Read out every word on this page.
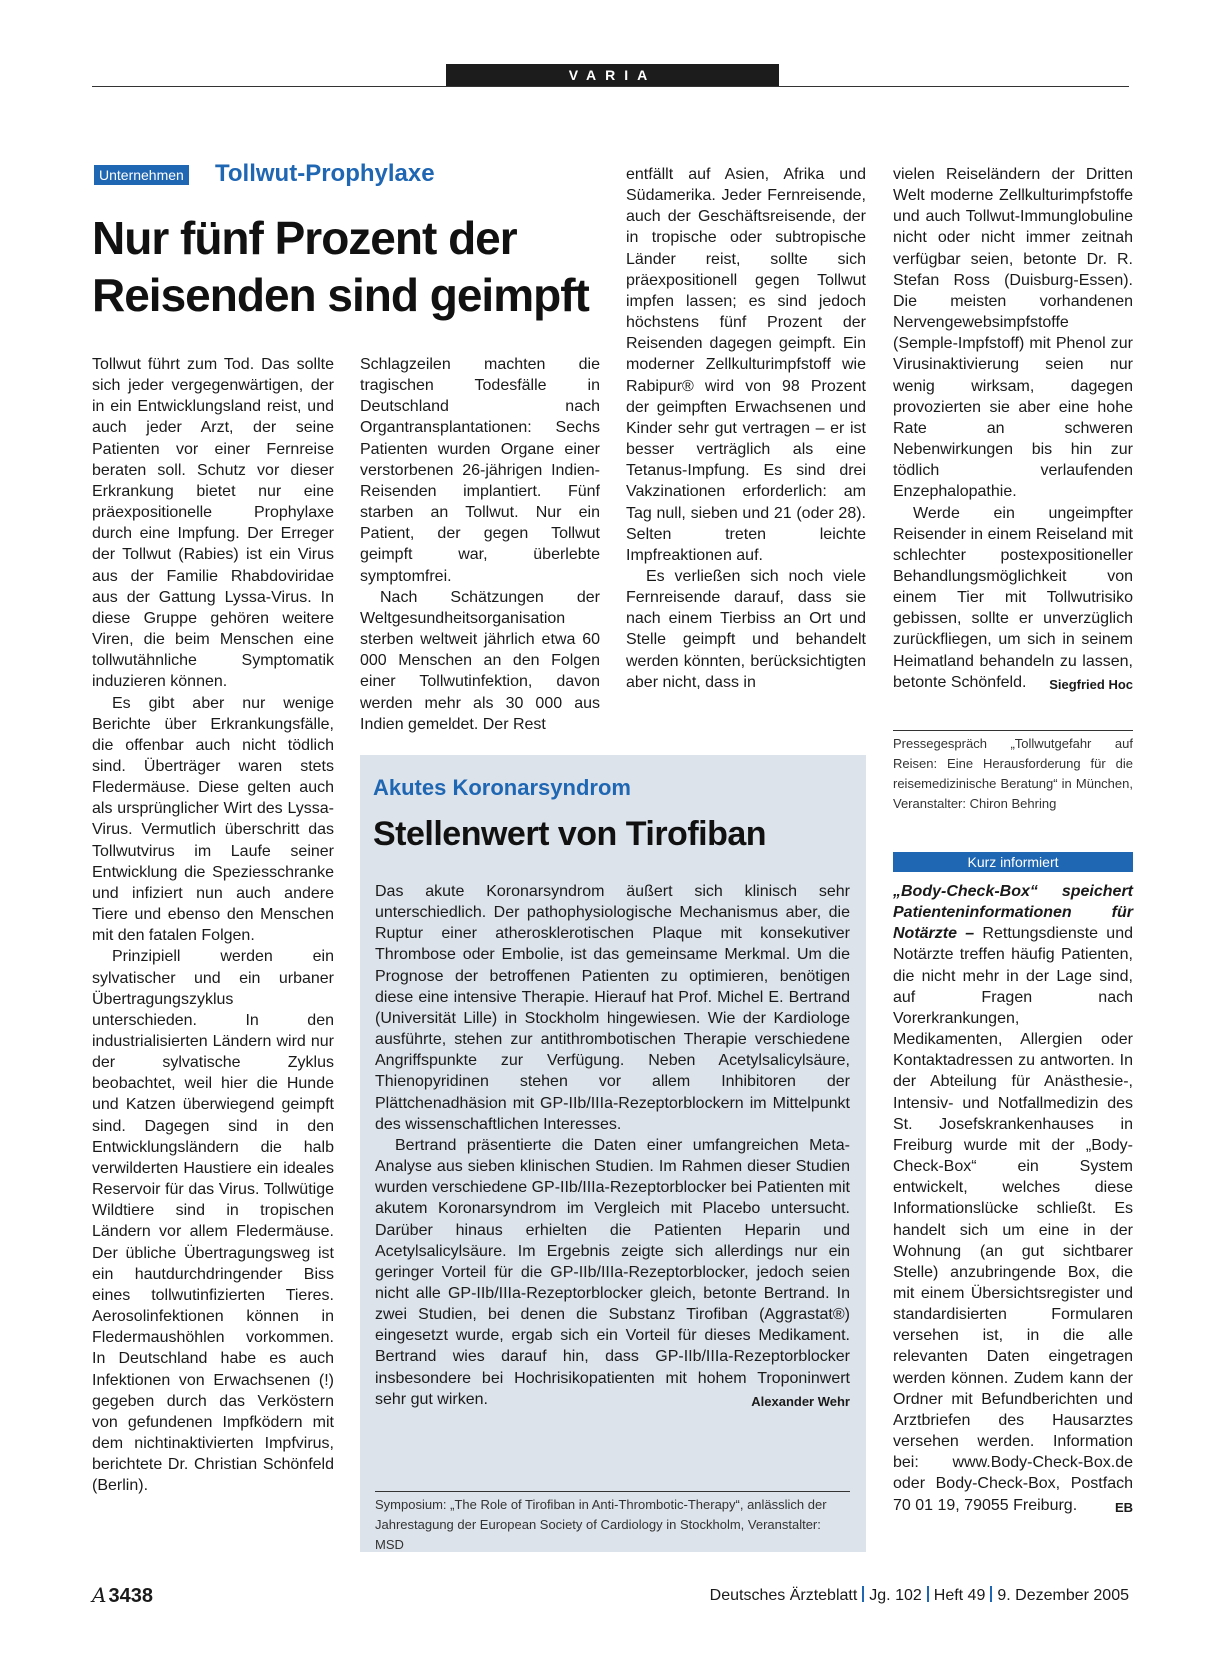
VARIA
Unternehmen Tollwut-Prophylaxe
Nur fünf Prozent der
Reisenden sind geimpft

Tollwut führt zum Tod. Das sollte sich jeder vergegenwärtigen, der in ein Entwicklungsland reist, und auch jeder Arzt, der seine Patienten vor einer Fernreise beraten soll. Schutz vor dieser Erkrankung bietet nur eine präexpositionelle Prophylaxe durch eine Impfung. Der Erreger der Tollwut (Rabies) ist ein Virus aus der Familie Rhabdoviridae aus der Gattung Lyssa-Virus. In diese Gruppe gehören weitere Viren, die beim Menschen eine tollwutähnliche Symptomatik induzieren können.

Es gibt aber nur wenige Berichte über Erkrankungsfälle, die offenbar auch nicht tödlich sind. Überträger waren stets Fledermäuse. Diese gelten auch als ursprünglicher Wirt des Lyssa-Virus. Vermutlich überschritt das Tollwutvirus im Laufe seiner Entwicklung die Speziesschranke und infiziert nun auch andere Tiere und ebenso den Menschen mit den fatalen Folgen.

Prinzipiell werden ein sylvatischer und ein urbaner Übertragungszyklus unterschieden. In den industrialisierten Ländern wird nur der sylvatische Zyklus beobachtet, weil hier die Hunde und Katzen überwiegend geimpft sind. Dagegen sind in den Entwicklungsländern die halb verwilderten Haustiere ein ideales Reservoir für das Virus. Tollwütige Wildtiere sind in tropischen Ländern vor allem Fledermäuse. Der übliche Übertragungsweg ist ein hautdurchdringender Biss eines tollwutinfizierten Tieres. Aerosolinfektionen können in Fledermaushöhlen vorkommen. In Deutschland habe es auch Infektionen von Erwachsenen (!) gegeben durch das Verköstern von gefundenen Impfködern mit dem nichtinaktivierten Impfvirus, berichtete Dr. Christian Schönfeld (Berlin).

Schlagzeilen machten die tragischen Todesfälle in Deutschland nach Organtransplantationen: Sechs Patienten wurden Organe einer verstorbenen 26-jährigen Indien-Reisenden implantiert. Fünf starben an Tollwut. Nur ein Patient, der gegen Tollwut geimpft war, überlebte symptomfrei.

Nach Schätzungen der Weltgesundheitsorganisation sterben weltweit jährlich etwa 60 000 Menschen an den Folgen einer Tollwutinfektion, davon werden mehr als 30 000 aus Indien gemeldet. Der Rest

entfällt auf Asien, Afrika und Südamerika. Jeder Fernreisende, auch der Geschäftsreisende, der in tropische oder subtropische Länder reist, sollte sich präexpositionell gegen Tollwut impfen lassen; es sind jedoch höchstens fünf Prozent der Reisenden dagegen geimpft. Ein moderner Zellkulturimpfstoff wie Rabipur® wird von 98 Prozent der geimpften Erwachsenen und Kinder sehr gut vertragen – er ist besser verträglich als eine Tetanus-Impfung. Es sind drei Vakzinationen erforderlich: am Tag null, sieben und 21 (oder 28). Selten treten leichte Impfreaktionen auf.

Es verließen sich noch viele Fernreisende darauf, dass sie nach einem Tierbiss an Ort und Stelle geimpft und behandelt werden könnten, berücksichtigten aber nicht, dass in

vielen Reiseländern der Dritten Welt moderne Zellkulturimpfstoffe und auch Tollwut-Immunglobuline nicht oder nicht immer zeitnah verfügbar seien, betonte Dr. R. Stefan Ross (Duisburg-Essen). Die meisten vorhandenen Nervengewebsimpfstoffe (Semple-Impfstoff) mit Phenol zur Virusinaktivierung seien nur wenig wirksam, dagegen provozierten sie aber eine hohe Rate an schweren Nebenwirkungen bis hin zur tödlich verlaufenden Enzephalopathie.

Werde ein ungeimpfter Reisender in einem Reiseland mit schlechter postexpositioneller Behandlungsmöglichkeit von einem Tier mit Tollwutrisiko gebissen, sollte er unverzüglich zurückfliegen, um sich in seinem Heimatland behandeln zu lassen, betonte Schönfeld.	Siegfried Hoc

Pressegespräch „Tollwutgefahr auf Reisen: Eine Herausforderung für die reisemedizinische Beratung“ in München, Veranstalter: Chiron Behring
Akutes Koronarsyndrom
Stellenwert von Tirofiban

Das akute Koronarsyndrom äußert sich klinisch sehr unterschiedlich. Der pathophysiologische Mechanismus aber, die Ruptur einer atherosklerotischen Plaque mit konsekutiver Thrombose oder Embolie, ist das gemeinsame Merkmal. Um die Prognose der betroffenen Patienten zu optimieren, benötigen diese eine intensive Therapie. Hierauf hat Prof. Michel E. Bertrand (Universität Lille) in Stockholm hingewiesen. Wie der Kardiologe ausführte, stehen zur antithrombotischen Therapie verschiedene Angriffspunkte zur Verfügung. Neben Acetylsalicylsäure, Thienopyridinen stehen vor allem Inhibitoren der Plättchenadhäsion mit GP-IIb/IIIa-Rezeptorblockern im Mittelpunkt des wissenschaftlichen Interesses.

Bertrand präsentierte die Daten einer umfangreichen Meta-Analyse aus sieben klinischen Studien. Im Rahmen dieser Studien wurden verschiedene GP-IIb/IIIa-Rezeptorblocker bei Patienten mit akutem Koronarsyndrom im Vergleich mit Placebo untersucht. Darüber hinaus erhielten die Patienten Heparin und Acetylsalicylsäure. Im Ergebnis zeigte sich allerdings nur ein geringer Vorteil für die GP-IIb/IIIa-Rezeptorblocker, jedoch seien nicht alle GP-IIb/IIIa-Rezeptorblocker gleich, betonte Bertrand. In zwei Studien, bei denen die Substanz Tirofiban (Aggrastat®) eingesetzt wurde, ergab sich ein Vorteil für dieses Medikament. Bertrand wies darauf hin, dass GP-IIb/IIIa-Rezeptorblocker insbesondere bei Hochrisikopatienten mit hohem Troponinwert sehr gut wirken.	Alexander Wehr

Symposium: „The Role of Tirofiban in Anti-Thrombotic-Therapy“, anlässlich der Jahrestagung der European Society of Cardiology in Stockholm, Veranstalter: MSD
Kurz informiert

„Body-Check-Box“ speichert Patienteninformationen für Notärzte – Rettungsdienste und Notärzte treffen häufig Patienten, die nicht mehr in der Lage sind, auf Fragen nach Vorerkrankungen, Medikamenten, Allergien oder Kontaktadressen zu antworten. In der Abteilung für Anästhesie-, Intensiv- und Notfallmedizin des St. Josefskrankenhauses in Freiburg wurde mit der „Body-Check-Box“ ein System entwickelt, welches diese Informationslücke schließt. Es handelt sich um eine in der Wohnung (an gut sichtbarer Stelle) anzubringende Box, die mit einem Übersichtsregister und standardisierten Formularen versehen ist, in die alle relevanten Daten eingetragen werden können. Zudem kann der Ordner mit Befundberichten und Arztbriefen des Hausarztes versehen werden. Information bei: www.Body-Check-Box.de oder Body-Check-Box, Postfach 70 01 19, 79055 Freiburg.	EB

A 3438	Deutsches Ärzteblatt Jg. 102 Heft 49 9. Dezember 2005
